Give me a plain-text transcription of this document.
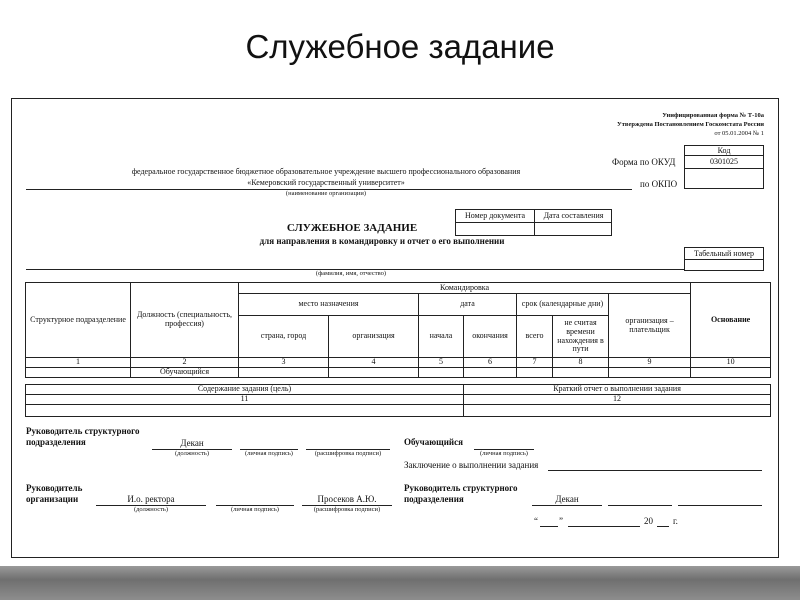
Служебное задание
Унифицированная форма № Т-10а
Утверждена Постановлением Госкомстата России
от 05.01.2004 № 1
Код
0301025
Форма по ОКУД
по ОКПО
федеральное государственное бюджетное образовательное учреждение высшего профессионального образования
«Кемеровский государственный университет»
(наименование организации)
Номер документа	Дата составления
СЛУЖЕБНОЕ ЗАДАНИЕ
для направления в командировку и отчет о его выполнении
Табельный номер
(фамилия, имя, отчество)
Структурное подразделение	Должность (специальность, профессия)	Командировка							Основание
		место назначения		дата		срок (календарные дни)		организация – плательщик	
		страна, город	организация	начала	окончания	всего	не считая времени нахождения в пути		
1	2	3	4	5	6	7	8	9	10
	Обучающийся								

Содержание задания (цель)					Краткий отчет о выполнении задания				
11					12				

Руководитель структурного подразделения	Декан
(должность)	(личная подпись)	(расшифровка подписи)
Руководитель организации	И.о. ректора	Просеков А.Ю.
(должность)	(личная подпись)	(расшифровка подписи)
Обучающийся
(личная подпись)
Заключение о выполнении задания
Руководитель структурного подразделения	Декан
“ ”	20 г.
